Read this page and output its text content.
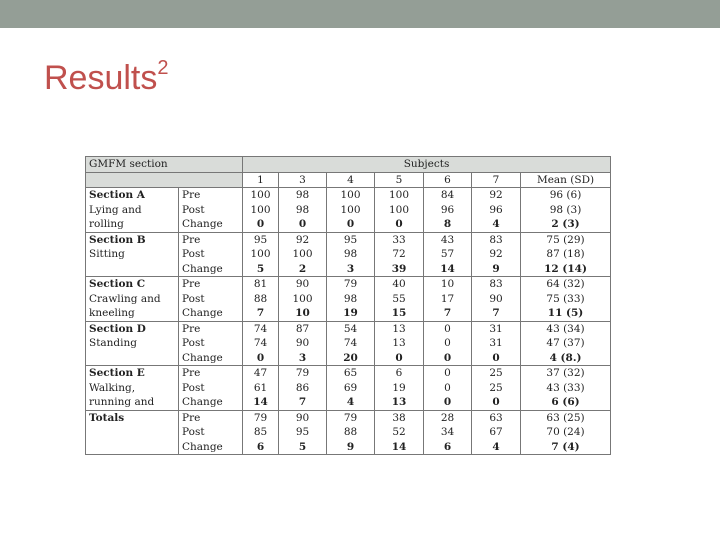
Results$^2$
GMFM section		Subjects						
		1	3	4	5	6	7	Mean (SD)
Section A	Pre	100	98	100	100	84	92	96 (6)
Lying and	Post	100	98	100	100	96	96	98 (3)
rolling	Change	0	0	0	0	8	4	2 (3)
Section B	Pre	95	92	95	33	43	83	75 (29)
Sitting	Post	100	100	98	72	57	92	87 (18)
	Change	5	2	3	39	14	9	12 (14)
Section C	Pre	81	90	79	40	10	83	64 (32)
Crawling and	Post	88	100	98	55	17	90	75 (33)
kneeling	Change	7	10	19	15	7	7	11 (5)
Section D	Pre	74	87	54	13	0	31	43 (34)
Standing	Post	74	90	74	13	0	31	47 (37)
	Change	0	3	20	0	0	0	4 (8.)
Section E	Pre	47	79	65	6	0	25	37 (32)
Walking,	Post	61	86	69	19	0	25	43 (33)
running and	Change	14	7	4	13	0	0	6 (6)
Totals	Pre	79	90	79	38	28	63	63 (25)
	Post	85	95	88	52	34	67	70 (24)
	Change	6	5	9	14	6	4	7 (4)
